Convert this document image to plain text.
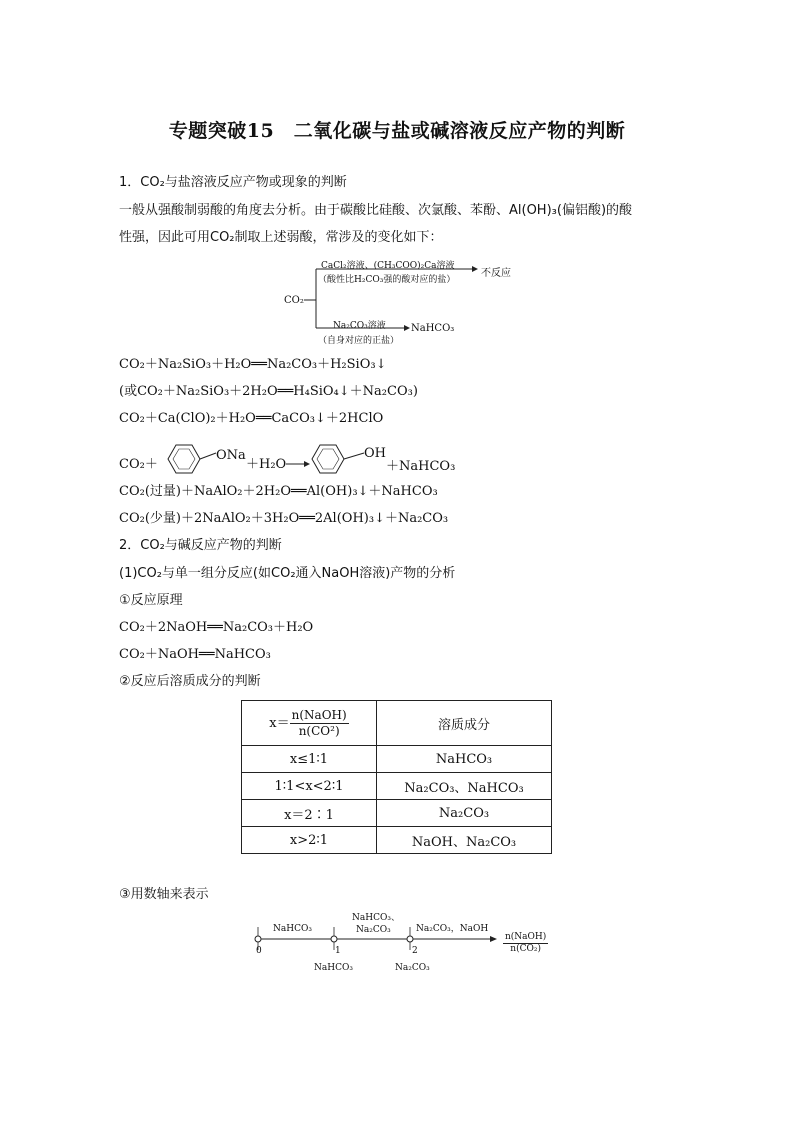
专题突破15　二氧化碳与盐或碱溶液反应产物的判断
1．CO₂与盐溶液反应产物或现象的判断
一般从强酸制弱酸的角度去分析。由于碳酸比硅酸、次氯酸、苯酚、Al(OH)₃(偏铝酸)的酸
性强，因此可用CO₂制取上述弱酸，常涉及的变化如下：
CO₂
CaCl₂溶液、(CH₃COO)₂Ca溶液
（酸性比H₂CO₃强的酸对应的盐）
不反应
Na₂CO₃溶液
（自身对应的正盐）
NaHCO₃
CO₂＋Na₂SiO₃＋H₂O══Na₂CO₃＋H₂SiO₃↓
(或CO₂＋Na₂SiO₃＋2H₂O══H₄SiO₄↓＋Na₂CO₃)
CO₂＋Ca(ClO)₂＋H₂O══CaCO₃↓＋2HClO
CO₂＋
ONa
＋H₂O
OH
＋NaHCO₃
CO₂(过量)＋NaAlO₂＋2H₂O══Al(OH)₃↓＋NaHCO₃
CO₂(少量)＋2NaAlO₂＋3H₂O══2Al(OH)₃↓＋Na₂CO₃
2．CO₂与碱反应产物的判断
(1)CO₂与单一组分反应(如CO₂通入NaOH溶液)产物的分析
①反应原理
CO₂＋2NaOH══Na₂CO₃＋H₂O
CO₂＋NaOH══NaHCO₃
②反应后溶质成分的判断
$x= \frac{\text{n(NaOH)}}{\text{n(CO²)}}$	溶质成分
x≤1∶1	NaHCO₃
1∶1<x<2∶1	Na₂CO₃、NaHCO₃
x＝2∶1	Na₂CO₃
x>2∶1	NaOH、Na₂CO₃
③用数轴来表示
NaHCO₃
NaHCO₃、
Na₂CO₃	Na₂CO₃，NaOH
0	1	2
NaHCO₃	Na₂CO₃
n(NaOH)
n(CO₂)
